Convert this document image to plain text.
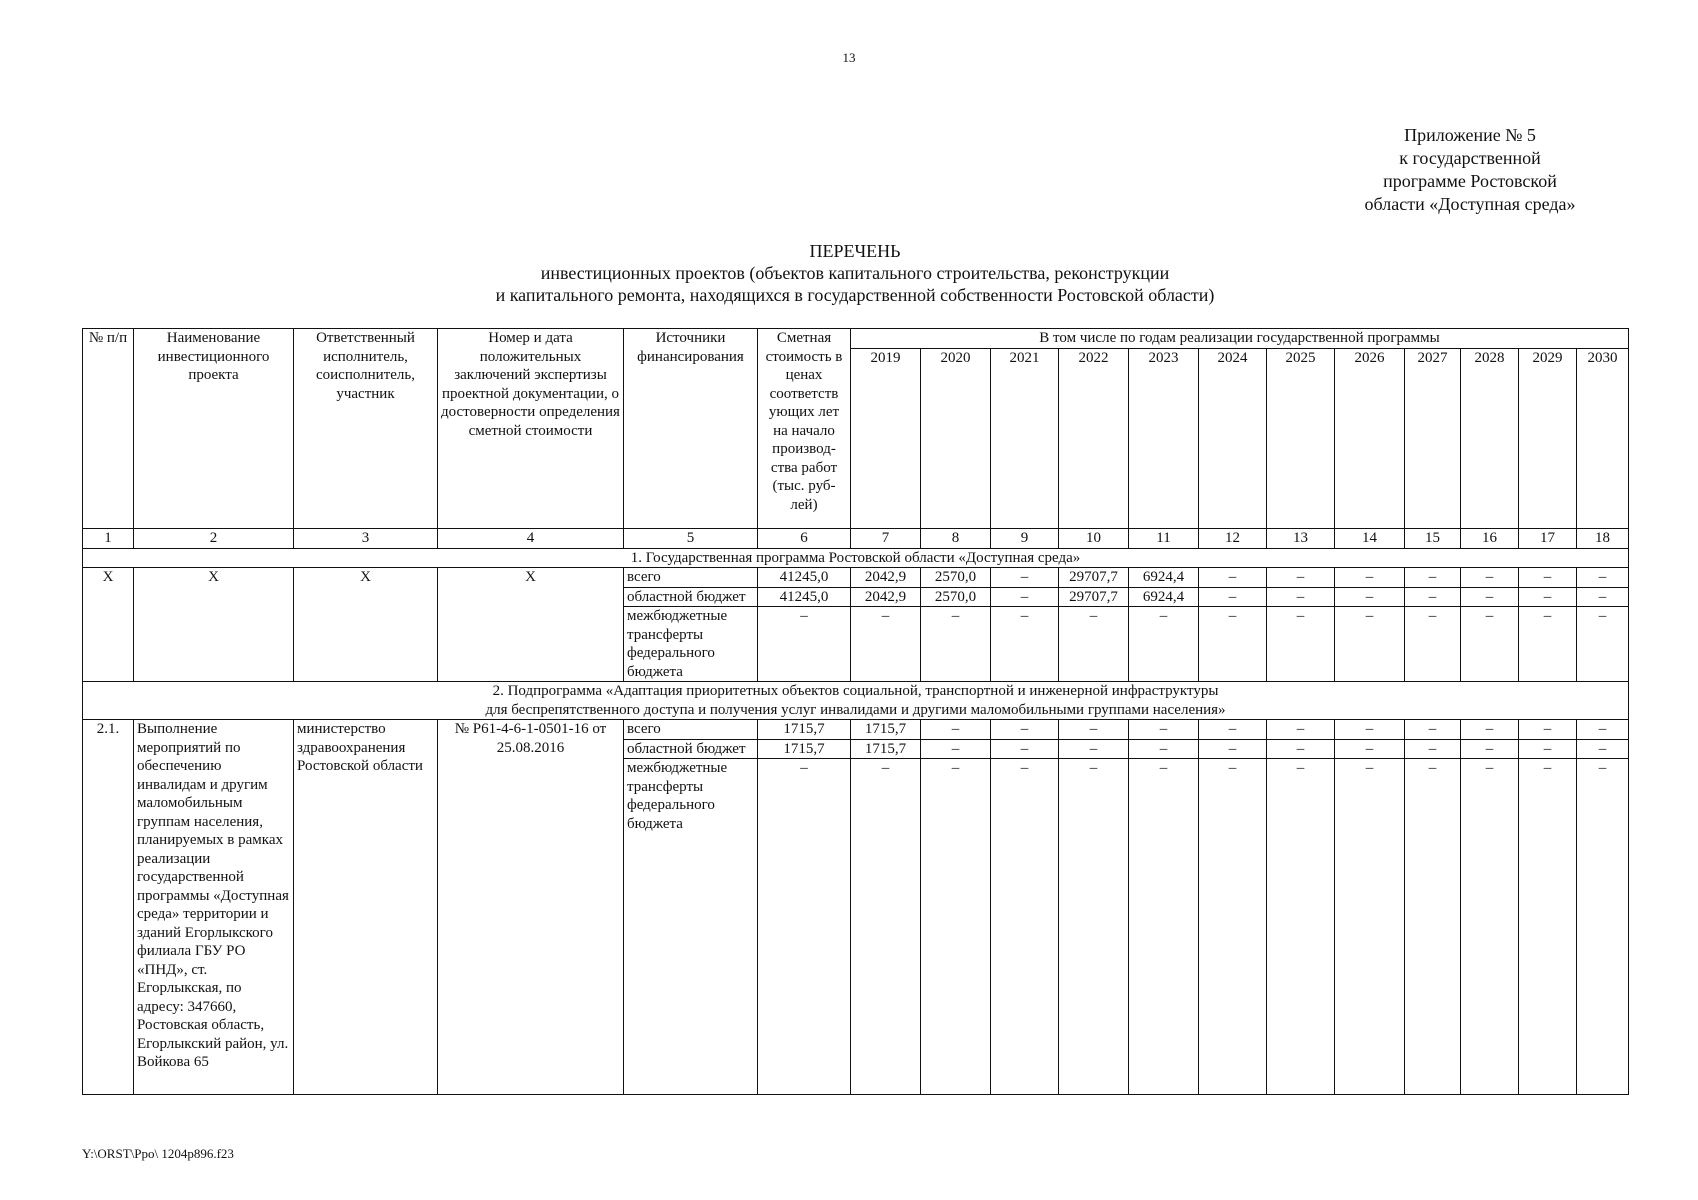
13
Приложение № 5
к государственной
программе Ростовской
области «Доступная среда»
ПЕРЕЧЕНЬ
инвестиционных проектов (объектов капитального строительства, реконструкции
и капитального ремонта, находящихся в государственной собственности Ростовской области)
№ п/п	Наименование инвестиционного проекта	Ответственный исполнитель, соисполнитель, участник	Номер и дата положительных заключений экспертизы проектной документации, о достоверности определения сметной стоимости	Источники финансирования	Сметная стоимость в ценах соответств ующих лет на начало производ-ства работ (тыс. руб-лей)	В том числе по годам реализации государственной программы											
						2019	2020	2021	2022	2023	2024	2025	2026	2027	2028	2029	2030
1	2	3	4	5	6	7	8	9	10	11	12	13	14	15	16	17	18
1. Государственная программа Ростовской области «Доступная среда»																	
X	X	X	X	всего	41245,0	2042,9	2570,0	–	29707,7	6924,4	–	–	–	–	–	–	–
				областной бюджет	41245,0	2042,9	2570,0	–	29707,7	6924,4	–	–	–	–	–	–	–
				межбюджетные трансферты федерального бюджета	–	–	–	–	–	–	–	–	–	–	–	–	–

2. Подпрограмма «Адаптация приоритетных объектов социальной, транспортной и инженерной инфраструктуры
для беспрепятственного доступа и получения услуг инвалидами и другими маломобильными группами населения»																	

2.1.	Выполнение мероприятий по обеспечению инвалидам и другим маломобильным группам населения, планируемых в рамках реализации государственной программы «Доступная среда» территории и зданий Егорлыкского филиала ГБУ РО «ПНД», ст. Егорлыкская, по адресу: 347660, Ростовская область, Егорлыкский район, ул. Войкова 65	министерство здравоохранения Ростовской области	№ Р61-4-6-1-0501-16 от 25.08.2016	всего	1715,7	1715,7	–	–	–	–	–	–	–	–	–	–	–
				областной бюджет	1715,7	1715,7	–	–	–	–	–	–	–	–	–	–	–
				межбюджетные трансферты федерального бюджета	–	–	–	–	–	–	–	–	–	–	–	–	–
Y:\ORST\Ppo\ 1204p896.f23
